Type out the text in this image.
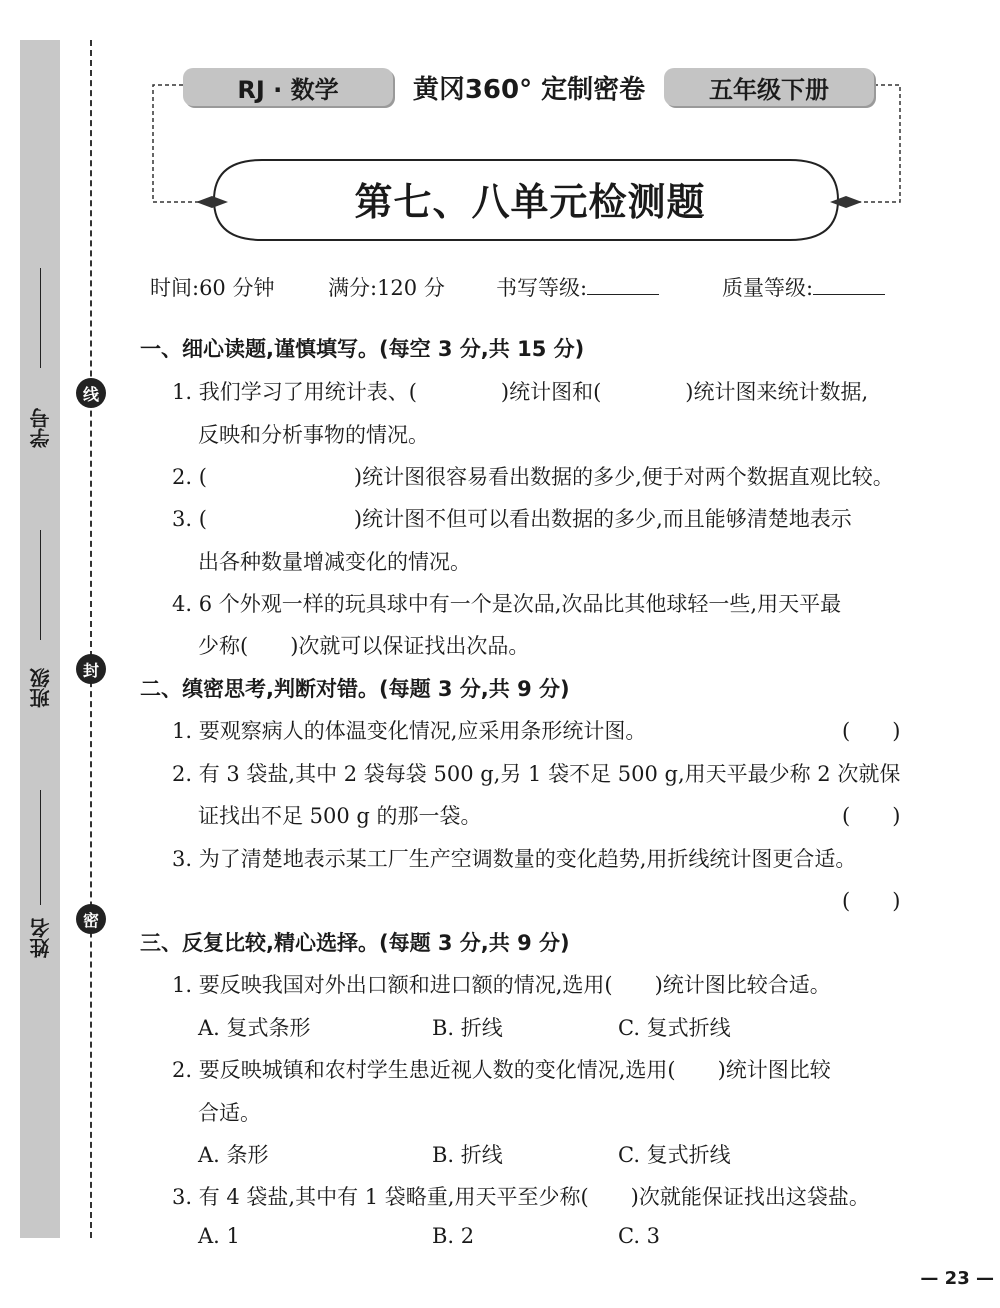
线
封
密
学号
班级
姓名
RJ · 数学	黄冈360° 定制密卷	五年级下册
第七、八单元检测题
时间:60 分钟	满分:120 分 书写等级:	质量等级:
一、细心读题,谨慎填写。(每空 3 分,共 15 分)
1. 我们学习了用统计表、(　　　　)统计图和(　　　　)统计图来统计数据,
反映和分析事物的情况。
2. (　　　　　　　)统计图很容易看出数据的多少,便于对两个数据直观比较。
3. (　　　　　　　)统计图不但可以看出数据的多少,而且能够清楚地表示
出各种数量增减变化的情况。
4. 6 个外观一样的玩具球中有一个是次品,次品比其他球轻一些,用天平最
少称(　　)次就可以保证找出次品。
二、缜密思考,判断对错。(每题 3 分,共 9 分)
1. 要观察病人的体温变化情况,应采用条形统计图。	(　　)
2. 有 3 袋盐,其中 2 袋每袋 500 g,另 1 袋不足 500 g,用天平最少称 2 次就保
证找出不足 500 g 的那一袋。	(　　)
3. 为了清楚地表示某工厂生产空调数量的变化趋势,用折线统计图更合适。
(　　)
三、反复比较,精心选择。(每题 3 分,共 9 分)
1. 要反映我国对外出口额和进口额的情况,选用(　　)统计图比较合适。
A. 复式条形	B. 折线	C. 复式折线
2. 要反映城镇和农村学生患近视人数的变化情况,选用(　　)统计图比较
合适。
A. 条形	B. 折线	C. 复式折线
3. 有 4 袋盐,其中有 1 袋略重,用天平至少称(　　)次就能保证找出这袋盐。
A. 1	B. 2	C. 3
— 23 —
